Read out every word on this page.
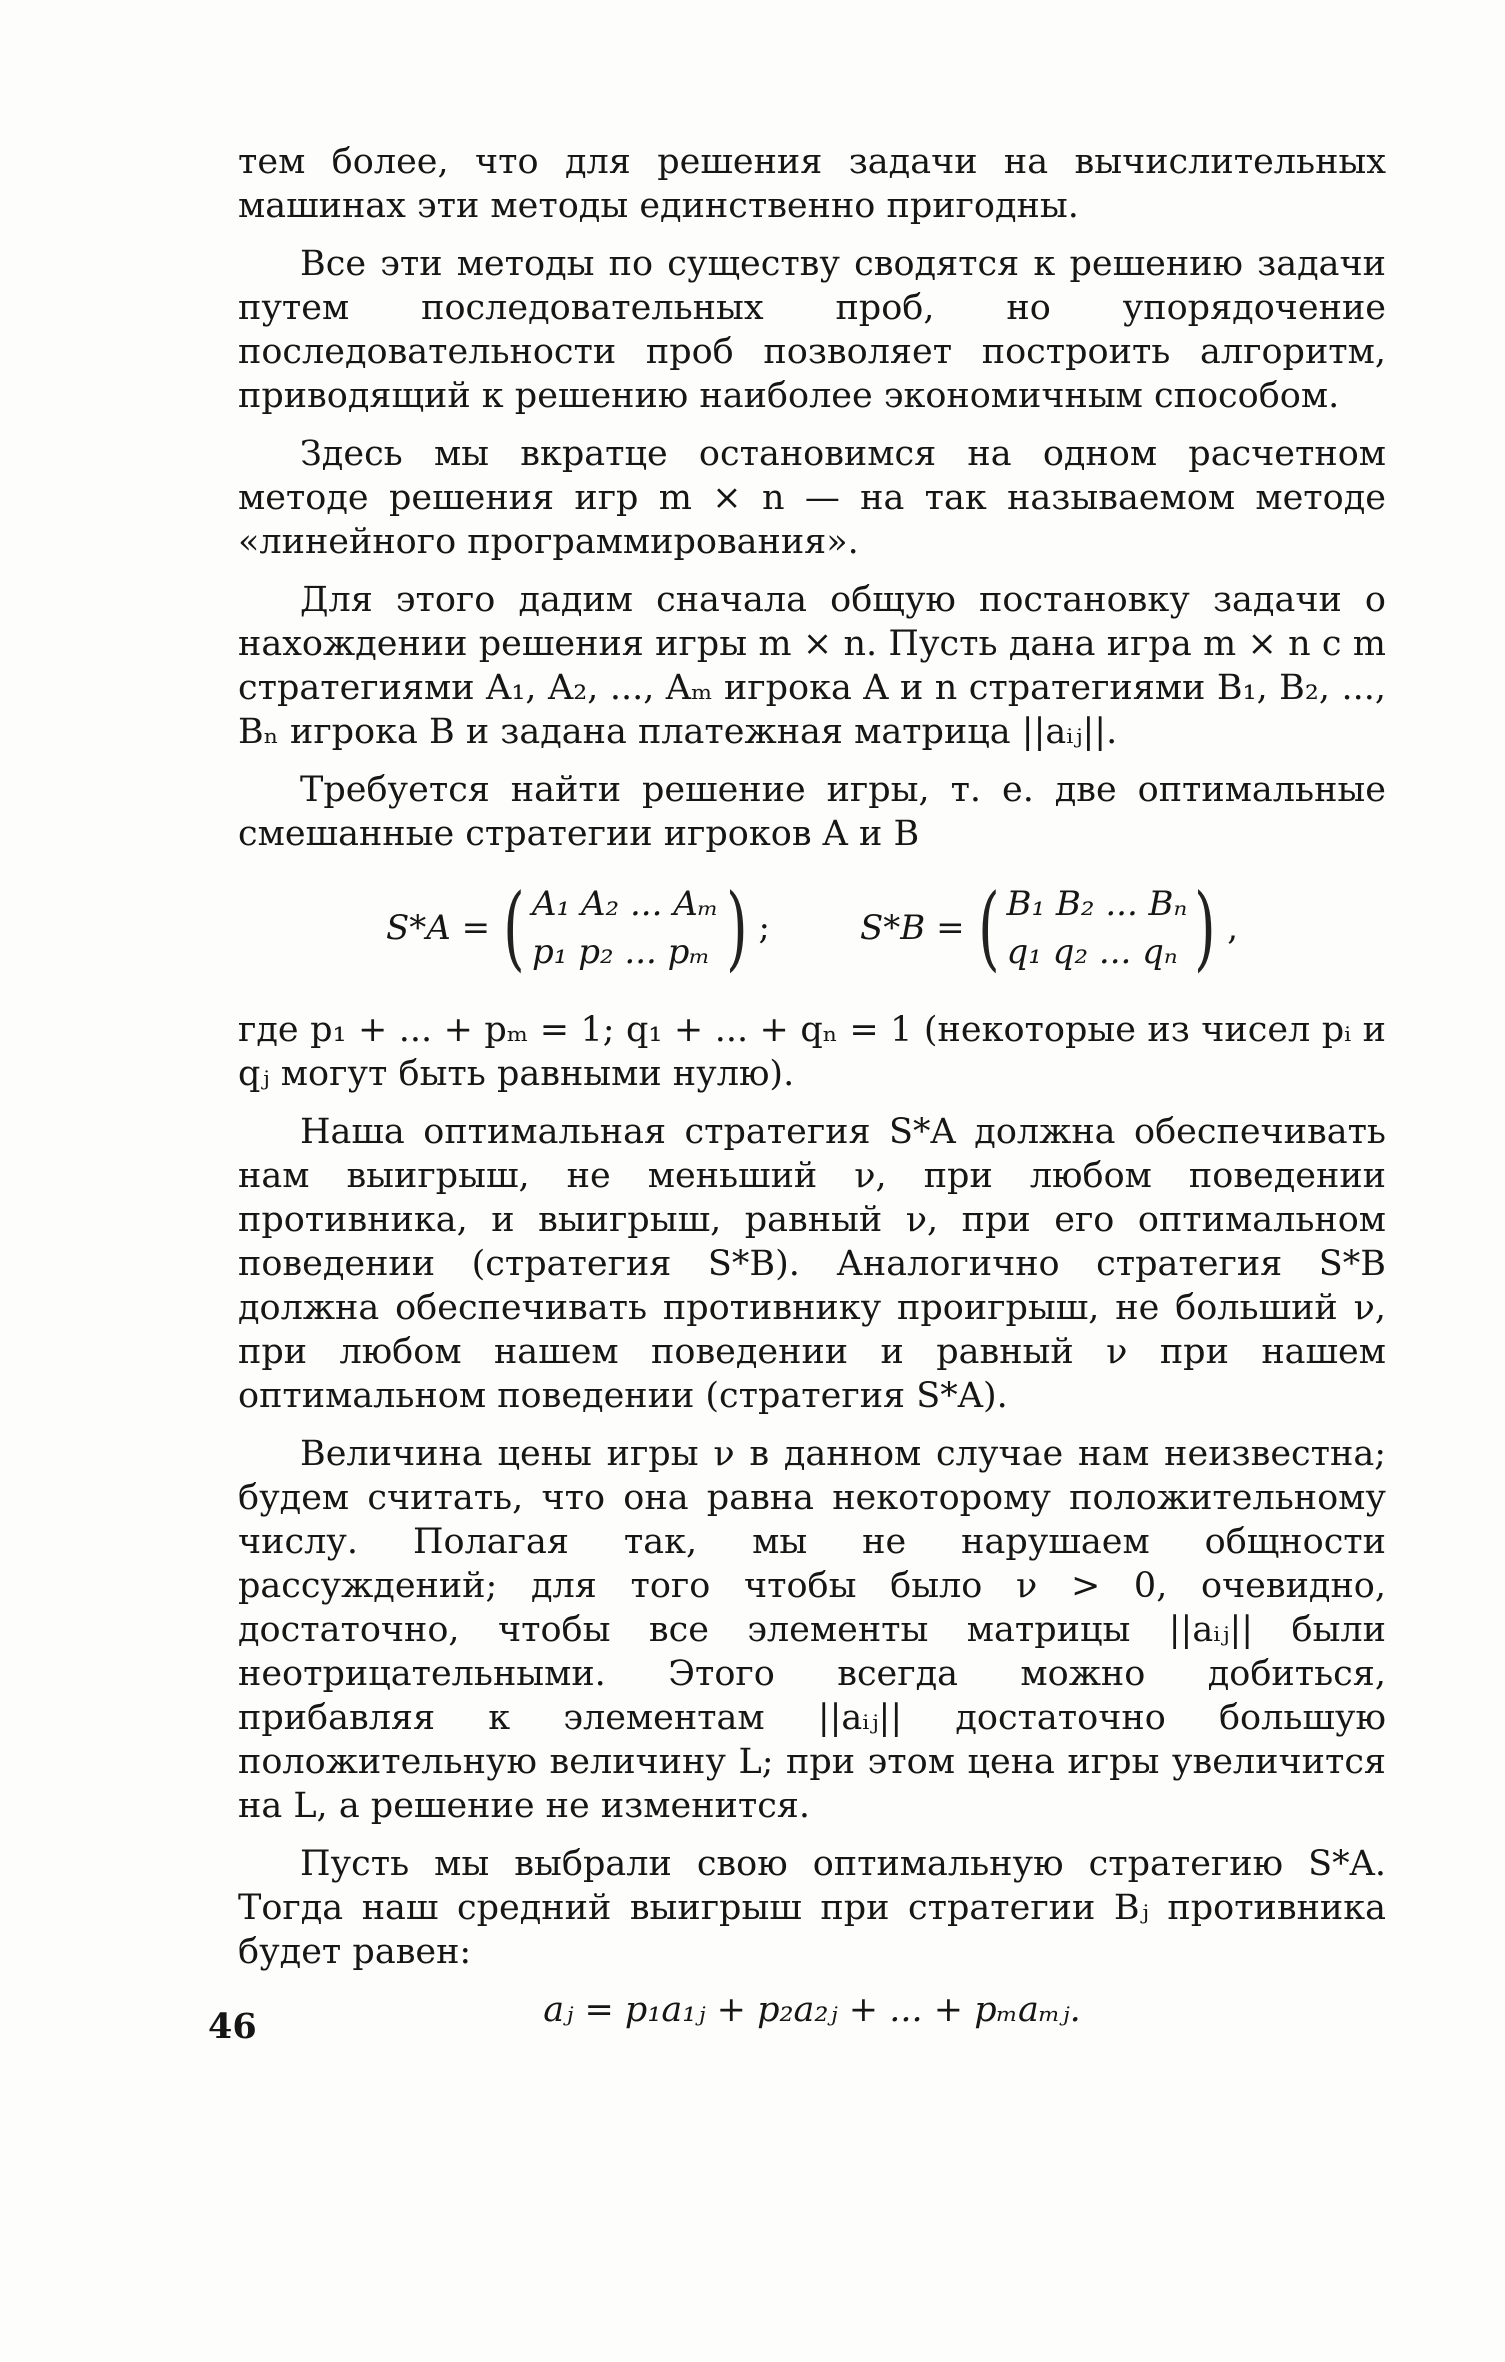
тем более, что для решения задачи на вычислительных машинах эти методы единственно пригодны.

Все эти методы по существу сводятся к решению задачи путем последовательных проб, но упорядочение последовательности проб позволяет построить алгоритм, приводящий к решению наиболее экономичным способом.

Здесь мы вкратце остановимся на одном расчетном методе решения игр m × n — на так называемом методе «линейного программирования».

Для этого дадим сначала общую постановку задачи о нахождении решения игры m × n. Пусть дана игра m × n с m стратегиями A₁, A₂, ..., Aₘ игрока A и n стратегиями B₁, B₂, ..., Bₙ игрока B и задана платежная матрица ||aᵢⱼ||.

Требуется найти решение игры, т. е. две оптимальные смешанные стратегии игроков A и B

S*A = ( A₁ A₂ ... Aₘ
p₁ p₂ ... pₘ ) ;	S*B = ( B₁ B₂ ... Bₙ
q₁ q₂ ... qₙ ) ,

где p₁ + ... + pₘ = 1; q₁ + ... + qₙ = 1 (некоторые из чисел pᵢ и qⱼ могут быть равными нулю).

Наша оптимальная стратегия S*A должна обеспечивать нам выигрыш, не меньший ν, при любом поведении противника, и выигрыш, равный ν, при его оптимальном поведении (стратегия S*B). Аналогично стратегия S*B должна обеспечивать противнику проигрыш, не больший ν, при любом нашем поведении и равный ν при нашем оптимальном поведении (стратегия S*A).

Величина цены игры ν в данном случае нам неизвестна; будем считать, что она равна некоторому положительному числу. Полагая так, мы не нарушаем общности рассуждений; для того чтобы было ν > 0, очевидно, достаточно, чтобы все элементы матрицы ||aᵢⱼ|| были неотрицательными. Этого всегда можно добиться, прибавляя к элементам ||aᵢⱼ|| достаточно большую положительную величину L; при этом цена игры увеличится на L, а решение не изменится.

Пусть мы выбрали свою оптимальную стратегию S*A. Тогда наш средний выигрыш при стратегии Bⱼ противника будет равен:

aⱼ = p₁a₁ⱼ + p₂a₂ⱼ + ... + pₘaₘⱼ.
46
